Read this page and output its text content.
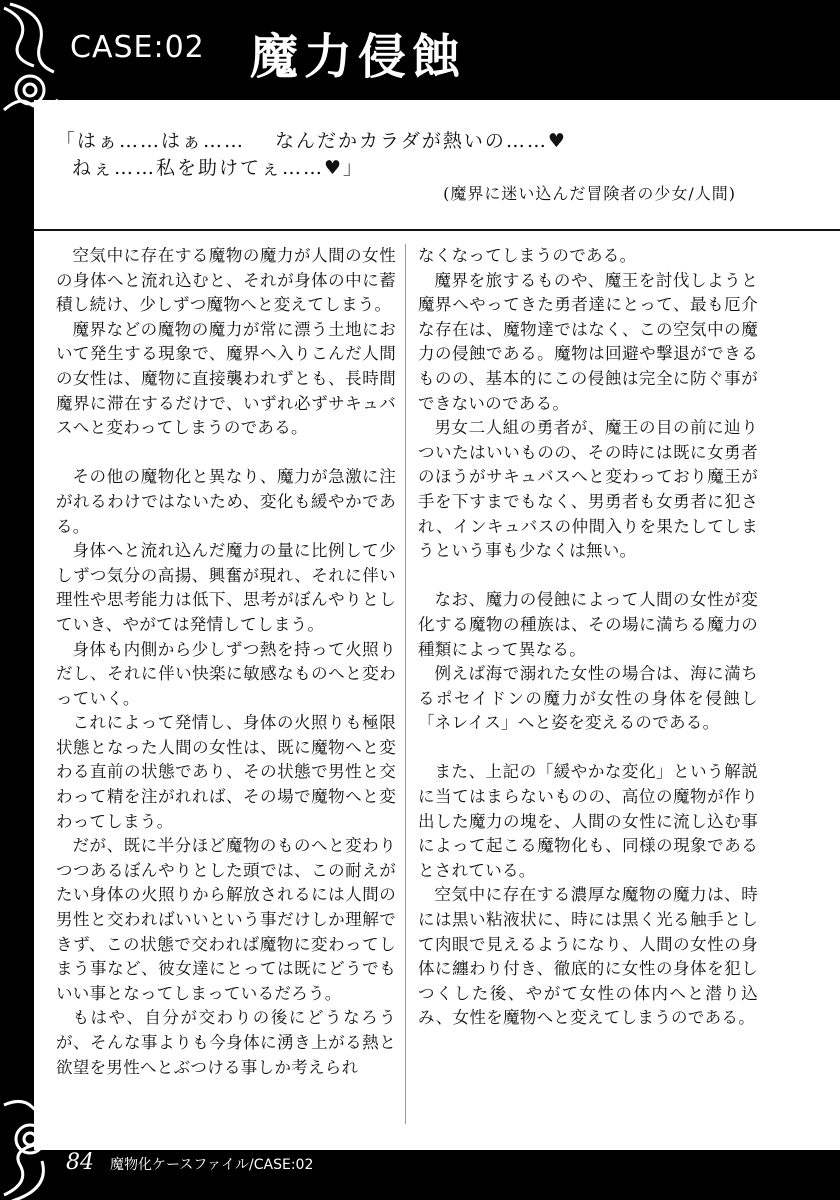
CASE:02 魔力侵蝕
「はぁ……はぁ…… なんだかカラダが熱いの……♥
ねぇ……私を助けてぇ……♥」
(魔界に迷い込んだ冒険者の少女/人間)

空気中に存在する魔物の魔力が人間の女性の身体へと流れ込むと、それが身体の中に蓄積し続け、少しずつ魔物へと変えてしまう。

魔界などの魔物の魔力が常に漂う土地において発生する現象で、魔界へ入りこんだ人間の女性は、魔物に直接襲われずとも、長時間魔界に滞在するだけで、いずれ必ずサキュバスへと変わってしまうのである。

その他の魔物化と異なり、魔力が急激に注がれるわけではないため、変化も緩やかである。

身体へと流れ込んだ魔力の量に比例して少しずつ気分の高揚、興奮が現れ、それに伴い理性や思考能力は低下、思考がぼんやりとしていき、やがては発情してしまう。

身体も内側から少しずつ熱を持って火照りだし、それに伴い快楽に敏感なものへと変わっていく。

これによって発情し、身体の火照りも極限状態となった人間の女性は、既に魔物へと変わる直前の状態であり、その状態で男性と交わって精を注がれれば、その場で魔物へと変わってしまう。

だが、既に半分ほど魔物のものへと変わりつつあるぼんやりとした頭では、この耐えがたい身体の火照りから解放されるには人間の男性と交わればいいという事だけしか理解できず、この状態で交われば魔物に変わってしまう事など、彼女達にとっては既にどうでもいい事となってしまっているだろう。

もはや、自分が交わりの後にどうなろうが、そんな事よりも今身体に湧き上がる熱と欲望を男性へとぶつける事しか考えられ

なくなってしまうのである。

魔界を旅するものや、魔王を討伐しようと魔界へやってきた勇者達にとって、最も厄介な存在は、魔物達ではなく、この空気中の魔力の侵蝕である。魔物は回避や撃退ができるものの、基本的にこの侵蝕は完全に防ぐ事ができないのである。

男女二人組の勇者が、魔王の目の前に辿りついたはいいものの、その時には既に女勇者のほうがサキュバスへと変わっており魔王が手を下すまでもなく、男勇者も女勇者に犯され、インキュバスの仲間入りを果たしてしまうという事も少なくは無い。

なお、魔力の侵蝕によって人間の女性が変化する魔物の種族は、その場に満ちる魔力の種類によって異なる。

例えば海で溺れた女性の場合は、海に満ちるポセイドンの魔力が女性の身体を侵蝕し「ネレイス」へと姿を変えるのである。

また、上記の「緩やかな変化」という解説に当てはまらないものの、高位の魔物が作り出した魔力の塊を、人間の女性に流し込む事によって起こる魔物化も、同様の現象であるとされている。

空気中に存在する濃厚な魔物の魔力は、時には黒い粘液状に、時には黒く光る触手として肉眼で見えるようになり、人間の女性の身体に纏わり付き、徹底的に女性の身体を犯しつくした後、やがて女性の体内へと潜り込み、女性を魔物へと変えてしまうのである。

84 魔物化ケースファイル/CASE:02
